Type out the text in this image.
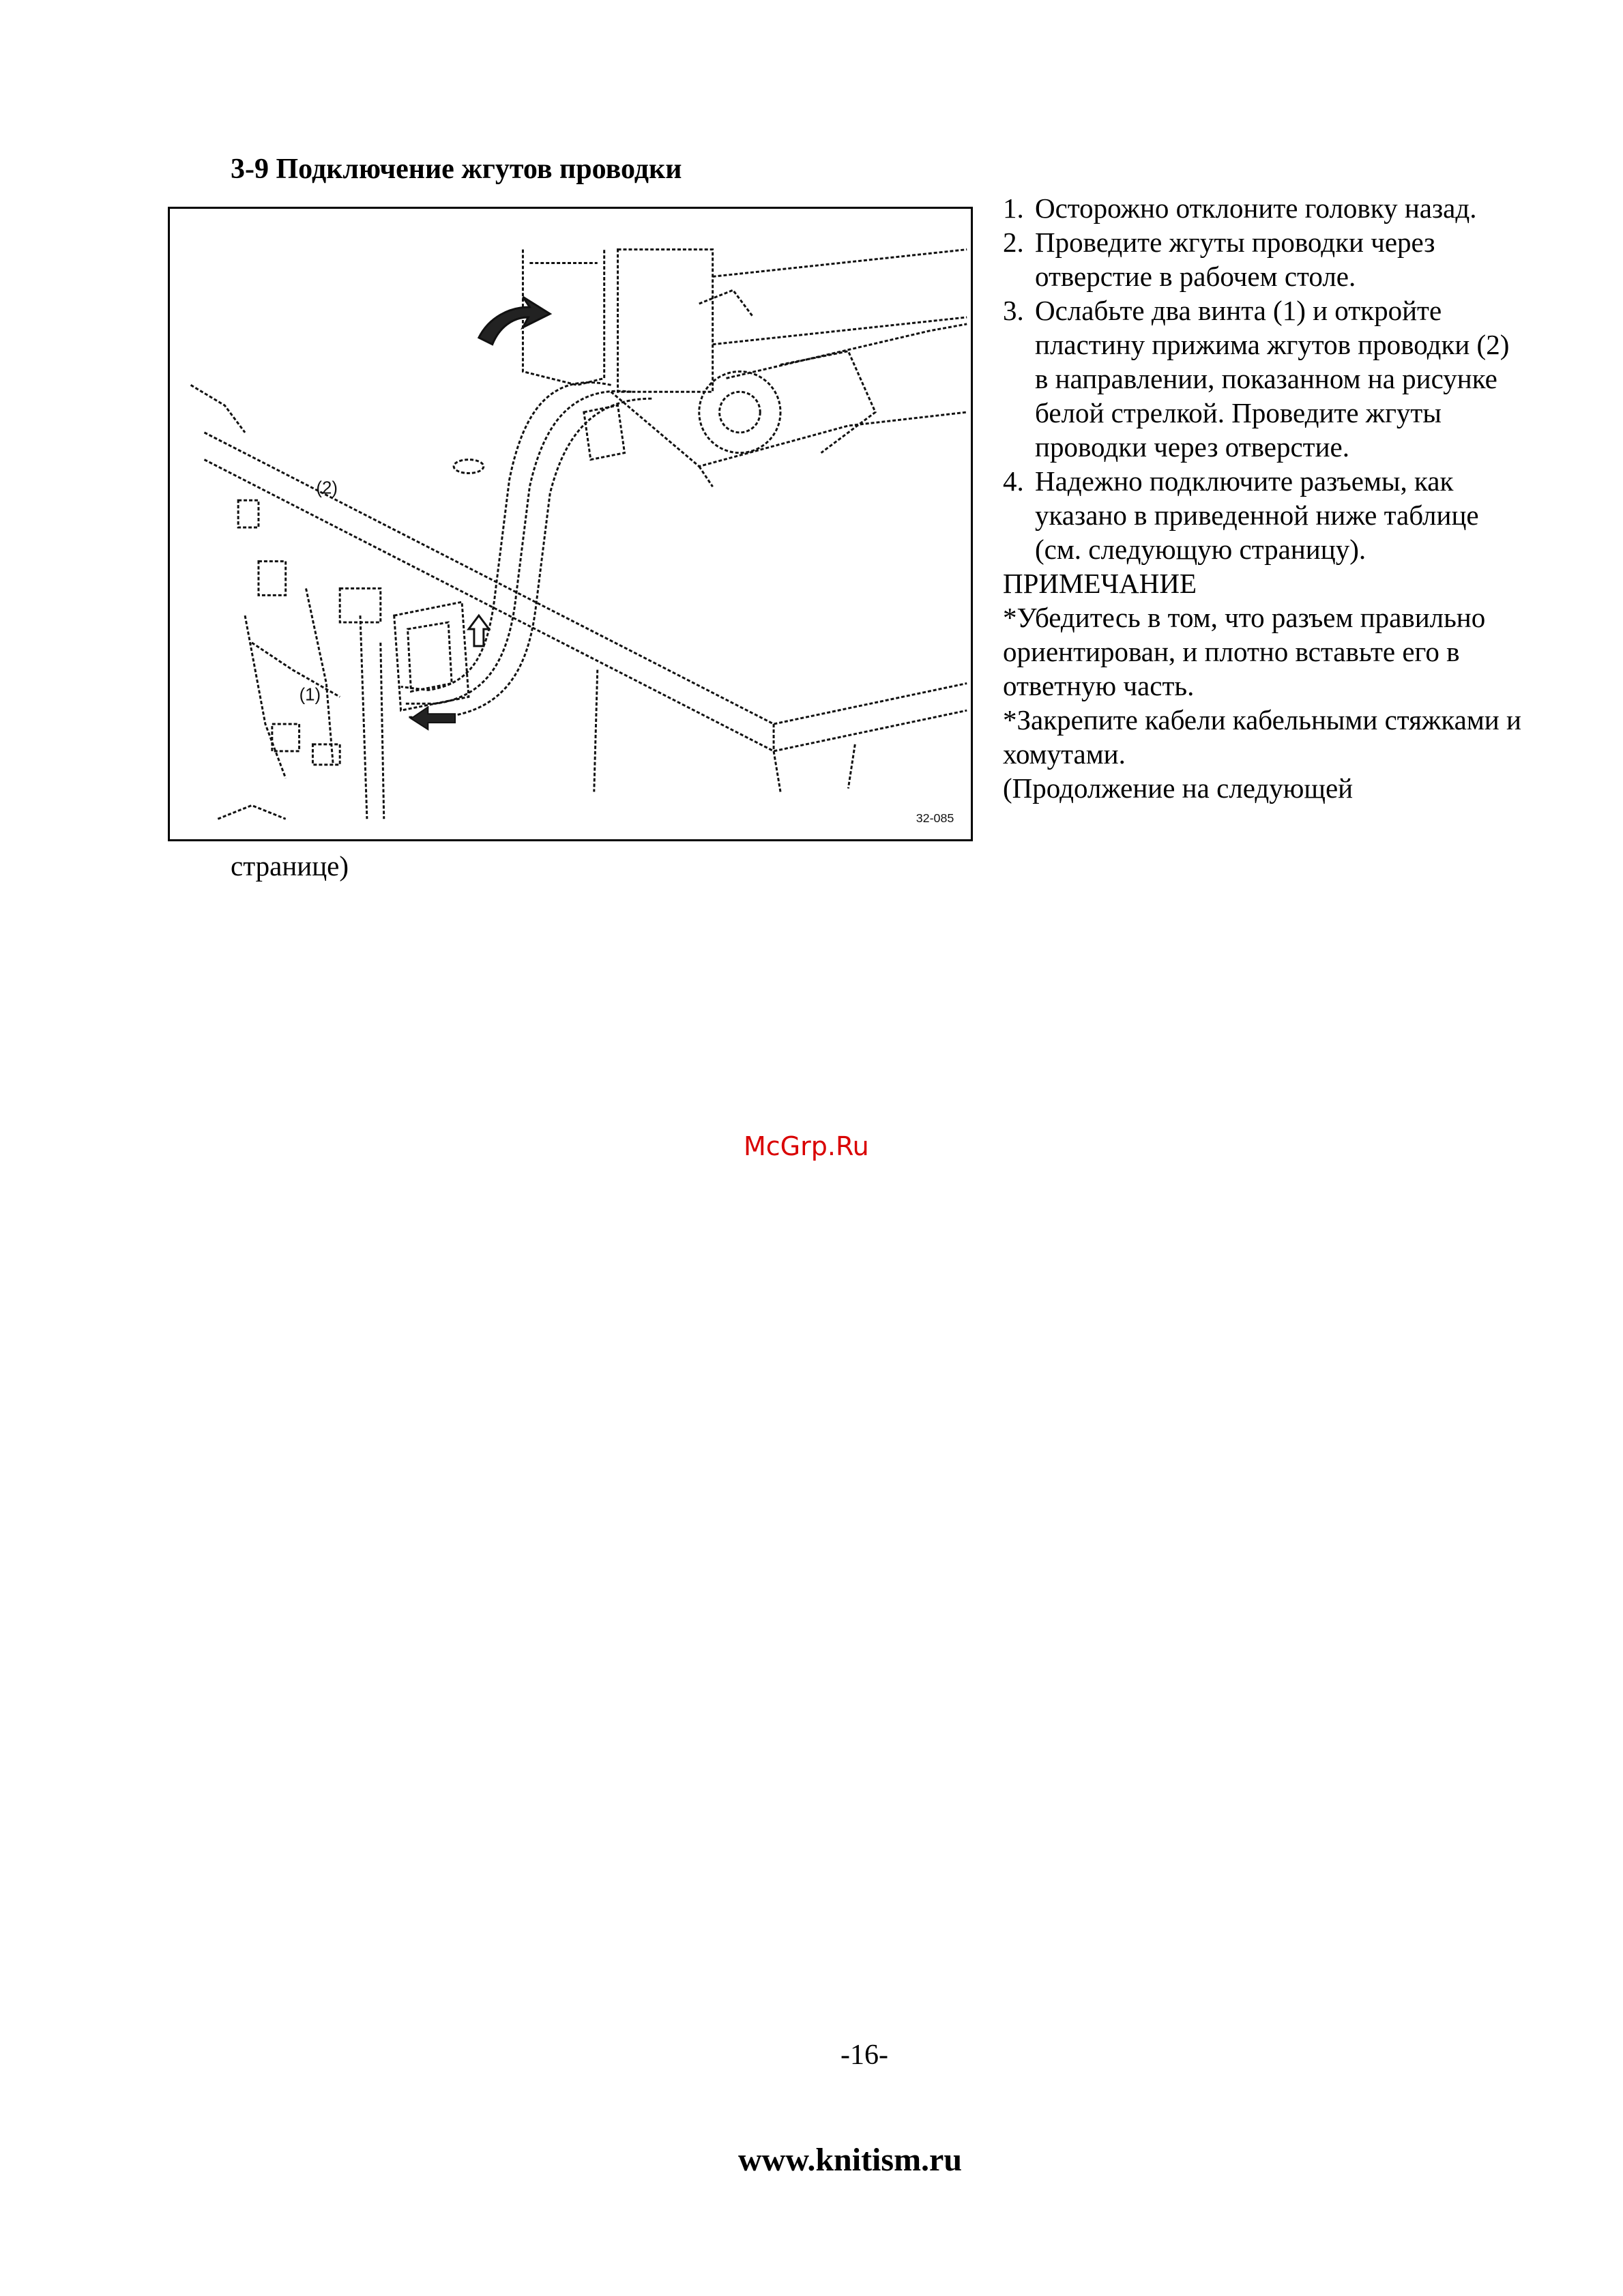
3-9 Подключение жгутов проводки
(2)
(1)
32-085
1. Осторожно отклоните головку назад.
2. Проведите жгуты проводки через отверстие в рабочем столе.
3. Ослабьте два винта (1) и откройте пластину прижима жгутов проводки (2) в направлении, показанном на рисунке белой стрелкой. Проведите жгуты проводки через отверстие.
4. Надежно подключите разъемы, как указано в приведенной ниже таблице (см. следующую страницу).

ПРИМЕЧАНИЕ

*Убедитесь в том, что разъем правильно ориентирован, и плотно вставьте его в ответную часть.

*Закрепите кабели кабельными стяжками и хомутами.

(Продолжение на следующей

странице)
McGrp.Ru
-16-
www.knitism.ru
